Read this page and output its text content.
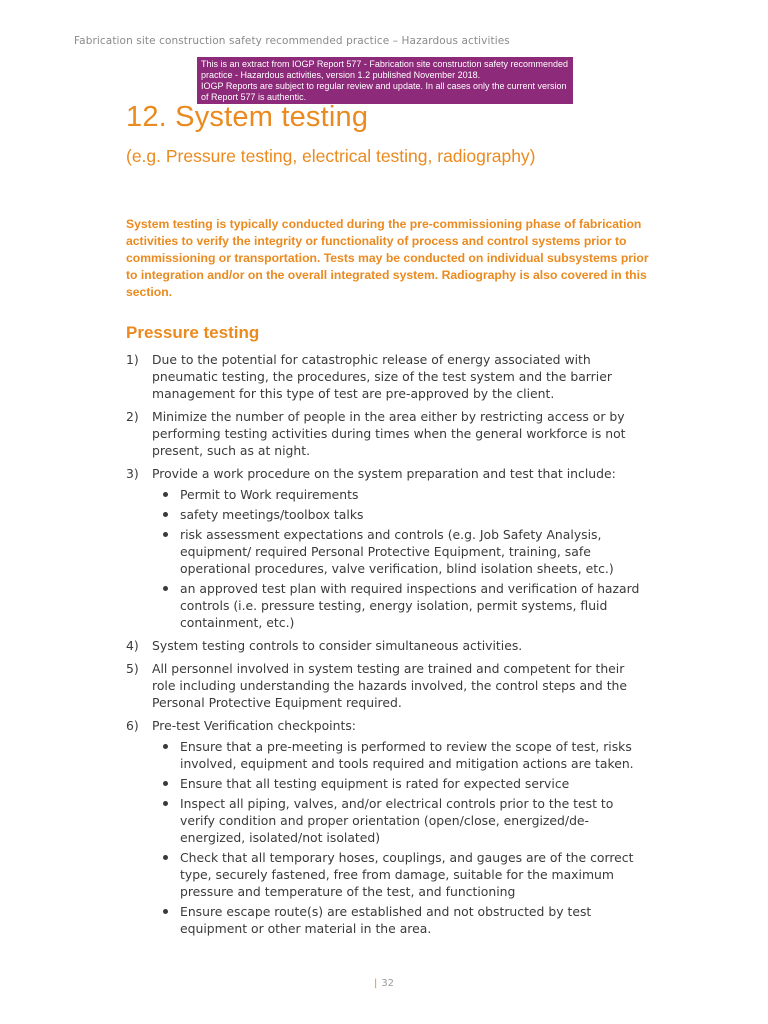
Fabrication site construction safety recommended practice – Hazardous activities

This is an extract from IOGP Report 577 - Fabrication site construction safety recommended practice - Hazardous activities, version 1.2 published November 2018.

IOGP Reports are subject to regular review and update. In all cases only the current version of Report 577 is authentic.

12. System testing
(e.g. Pressure testing, electrical testing, radiography)

System testing is typically conducted during the pre-commissioning phase of fabrication activities to verify the integrity or functionality of process and control systems prior to commissioning or transportation. Tests may be conducted on individual subsystems prior to integration and/or on the overall integrated system. Radiography is also covered in this section.

Pressure testing
1) Due to the potential for catastrophic release of energy associated with pneumatic testing, the procedures, size of the test system and the barrier management for this type of test are pre-approved by the client.
2) Minimize the number of people in the area either by restricting access or by performing testing activities during times when the general workforce is not present, such as at night.
3) Provide a work procedure on the system preparation and test that include:
Permit to Work requirements
safety meetings/toolbox talks
risk assessment expectations and controls (e.g. Job Safety Analysis, equipment/ required Personal Protective Equipment, training, safe operational procedures, valve verification, blind isolation sheets, etc.)
an approved test plan with required inspections and verification of hazard controls (i.e. pressure testing, energy isolation, permit systems, fluid containment, etc.)
4) System testing controls to consider simultaneous activities.
5) All personnel involved in system testing are trained and competent for their role including understanding the hazards involved, the control steps and the Personal Protective Equipment required.
6) Pre-test Verification checkpoints:
Ensure that a pre-meeting is performed to review the scope of test, risks involved, equipment and tools required and mitigation actions are taken.
Ensure that all testing equipment is rated for expected service
Inspect all piping, valves, and/or electrical controls prior to the test to verify condition and proper orientation (open/close, energized/de-energized, isolated/not isolated)
Check that all temporary hoses, couplings, and gauges are of the correct type, securely fastened, free from damage, suitable for the maximum pressure and temperature of the test, and functioning
Ensure escape route(s) are established and not obstructed by test equipment or other material in the area.
| 32
